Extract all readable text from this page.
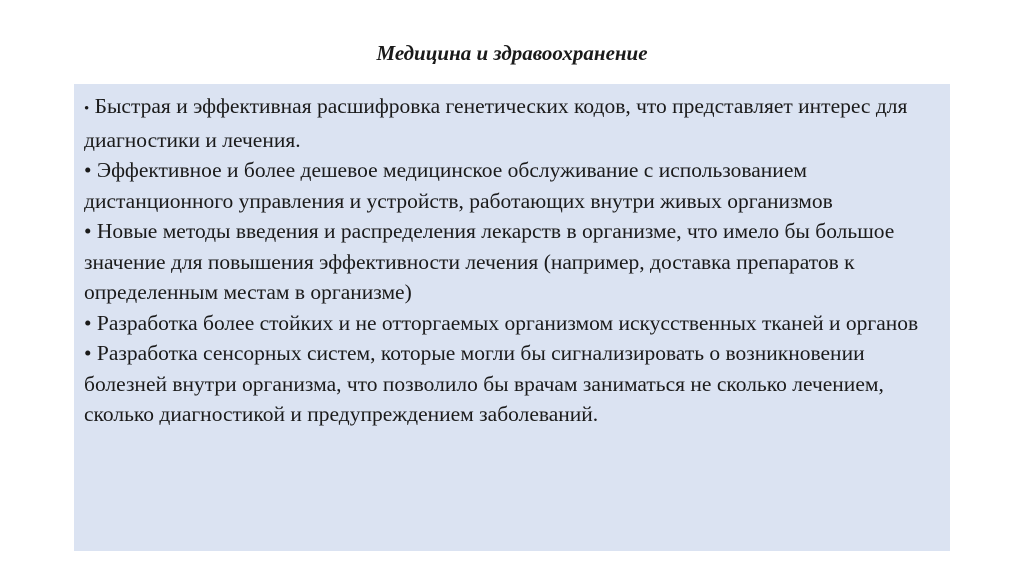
Медицина и здравоохранение
• Быстрая и эффективная расшифровка генетических кодов, что представляет интерес для диагностики и лечения.
• Эффективное и более дешевое медицинское обслуживание с использованием дистанционного управления и устройств, работающих внутри живых организмов
• Новые методы введения и распределения лекарств в организме, что имело бы большое значение для повышения эффективности лечения (например, доставка препаратов к определенным местам в организме)
• Разработка более стойких и не отторгаемых организмом искусственных тканей и органов
• Разработка сенсорных систем, которые могли бы сигнализировать о возникновении болезней внутри организма, что позволило бы врачам заниматься не сколько лечением, сколько диагностикой и предупреждением заболеваний.
